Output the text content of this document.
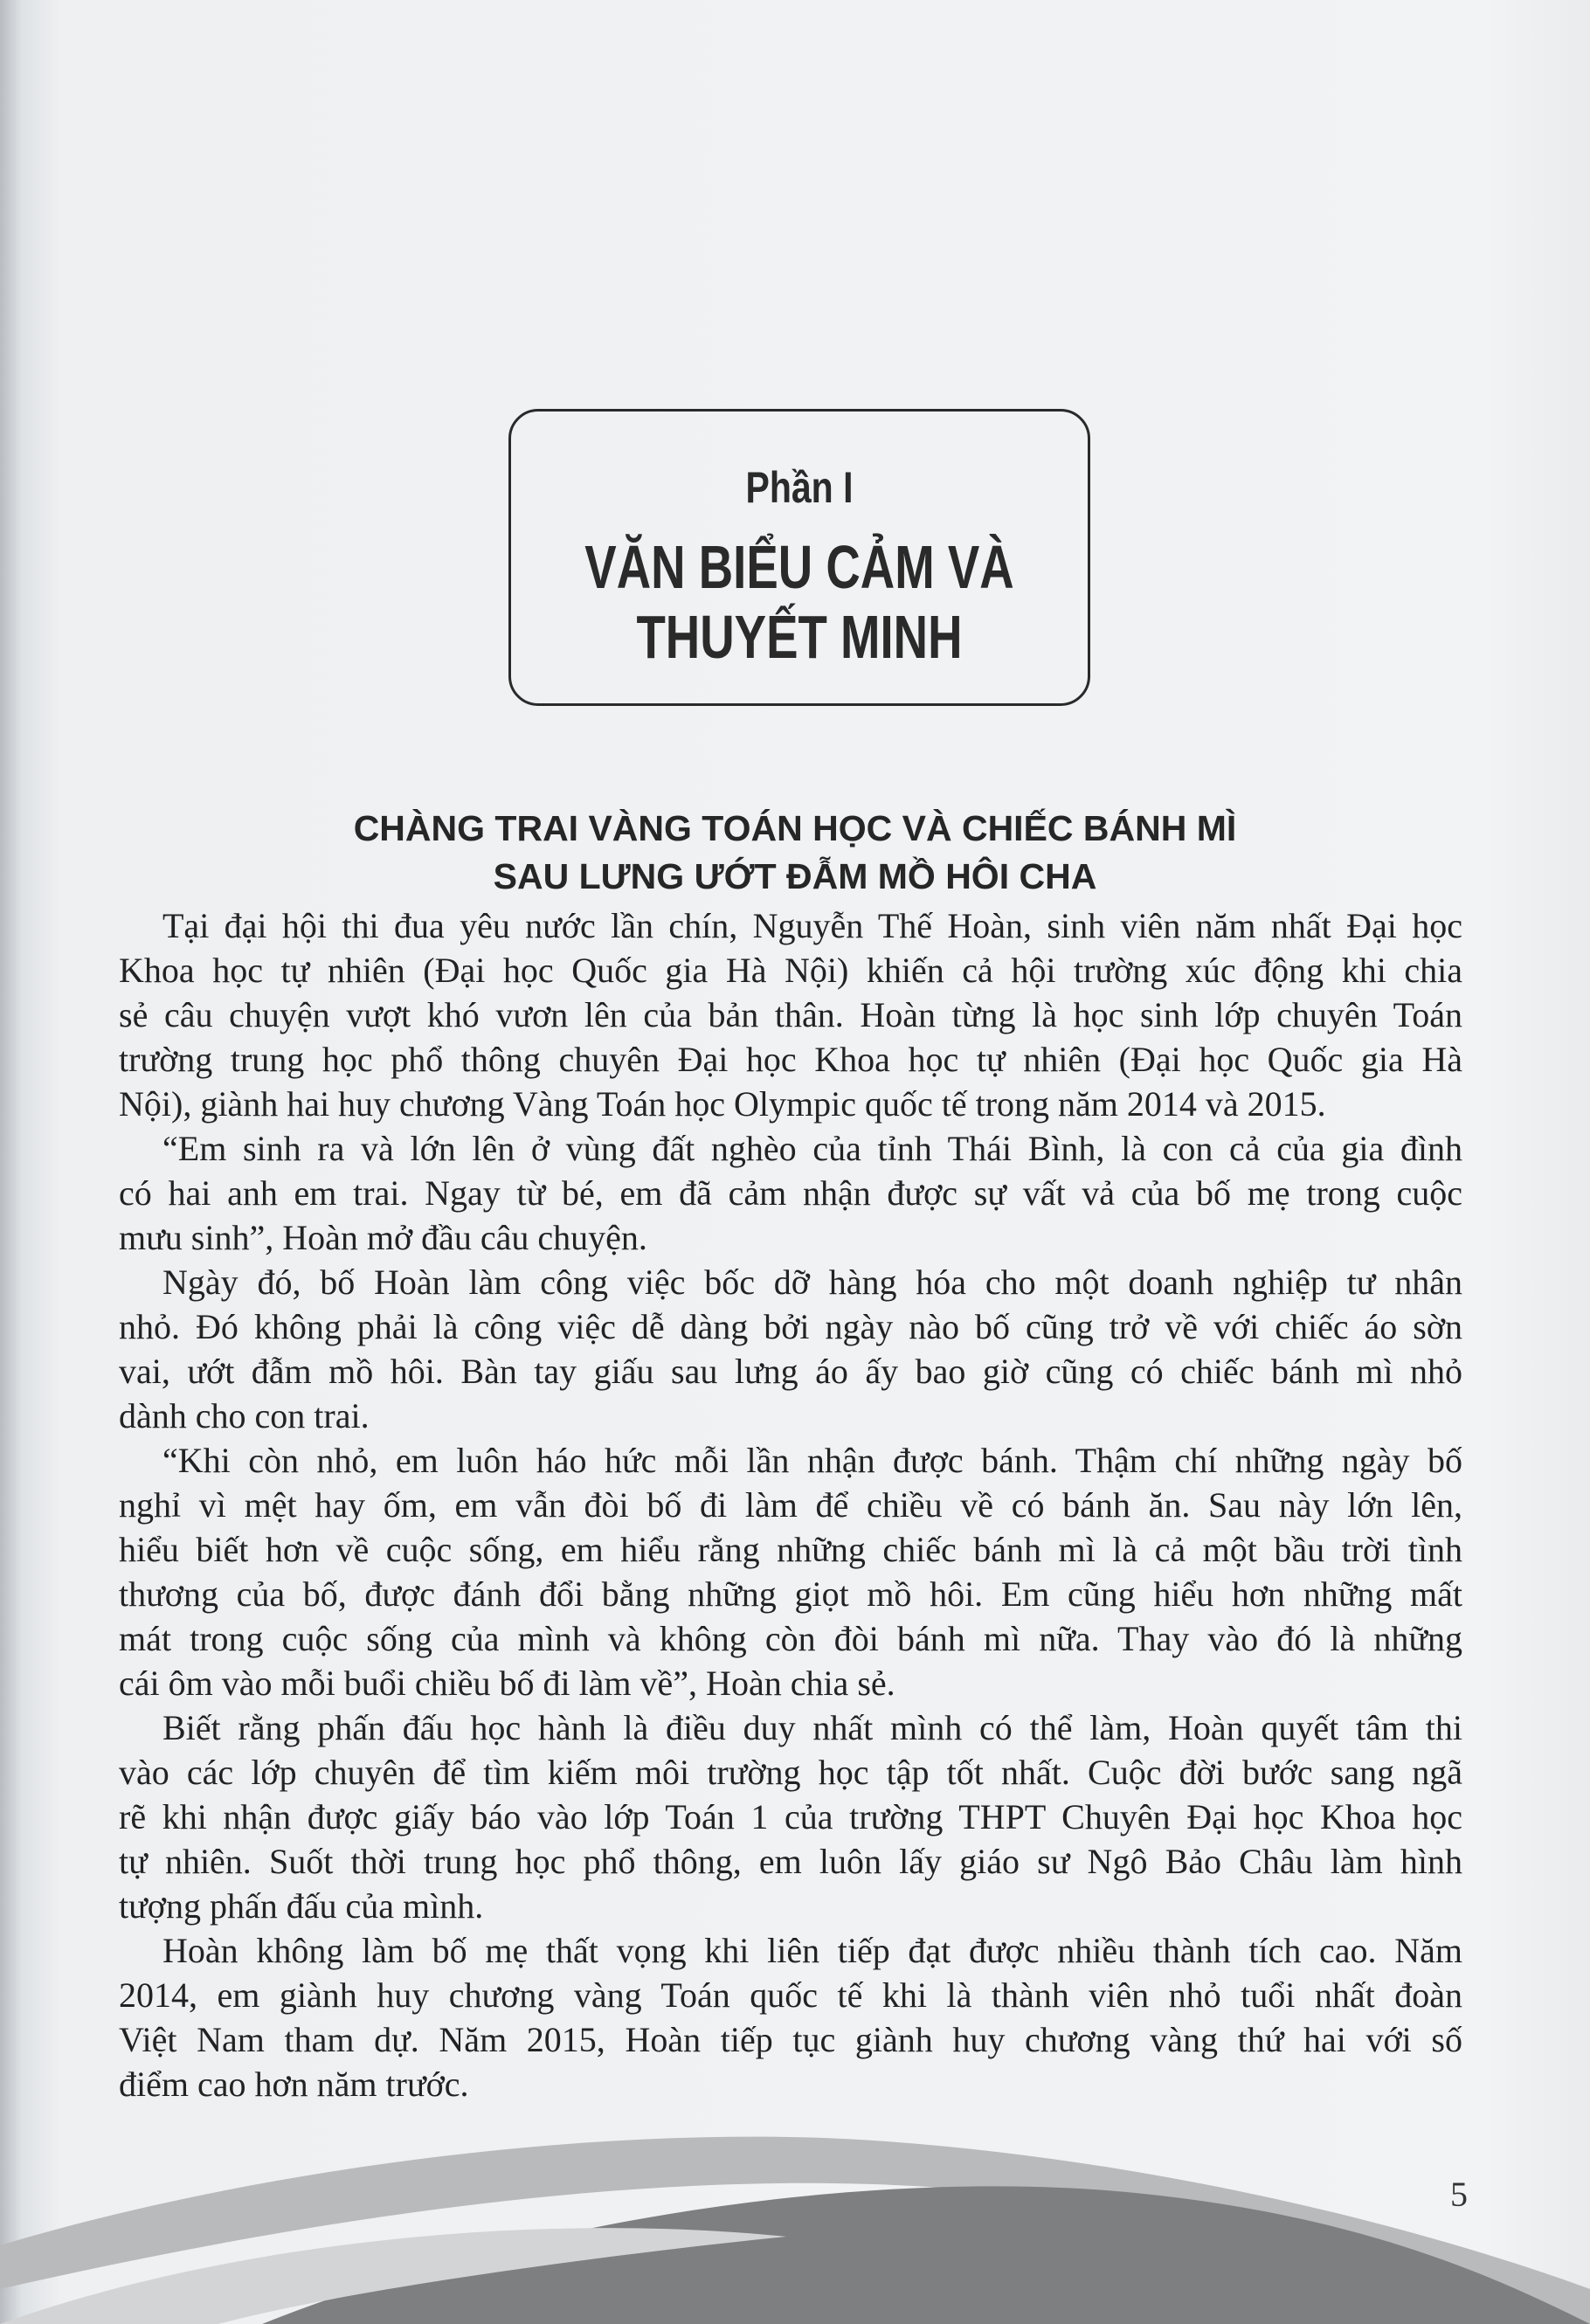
Phần I
VĂN BIỂU CẢM VÀ
THUYẾT MINH
CHÀNG TRAI VÀNG TOÁN HỌC VÀ CHIẾC BÁNH MÌ
SAU LƯNG ƯỚT ĐẪM MỒ HÔI CHA
Tại đại hội thi đua yêu nước lần chín, Nguyễn Thế Hoàn, sinh viên năm nhất Đại học
Khoa học tự nhiên (Đại học Quốc gia Hà Nội) khiến cả hội trường xúc động khi chia
sẻ câu chuyện vượt khó vươn lên của bản thân. Hoàn từng là học sinh lớp chuyên Toán
trường trung học phổ thông chuyên Đại học Khoa học tự nhiên (Đại học Quốc gia Hà
Nội), giành hai huy chương Vàng Toán học Olympic quốc tế trong năm 2014 và 2015.
“Em sinh ra và lớn lên ở vùng đất nghèo của tỉnh Thái Bình, là con cả của gia đình
có hai anh em trai. Ngay từ bé, em đã cảm nhận được sự vất vả của bố mẹ trong cuộc
mưu sinh”, Hoàn mở đầu câu chuyện.
Ngày đó, bố Hoàn làm công việc bốc dỡ hàng hóa cho một doanh nghiệp tư nhân
nhỏ. Đó không phải là công việc dễ dàng bởi ngày nào bố cũng trở về với chiếc áo sờn
vai, ướt đẫm mồ hôi. Bàn tay giấu sau lưng áo ấy bao giờ cũng có chiếc bánh mì nhỏ
dành cho con trai.
“Khi còn nhỏ, em luôn háo hức mỗi lần nhận được bánh. Thậm chí những ngày bố
nghỉ vì mệt hay ốm, em vẫn đòi bố đi làm để chiều về có bánh ăn. Sau này lớn lên,
hiểu biết hơn về cuộc sống, em hiểu rằng những chiếc bánh mì là cả một bầu trời tình
thương của bố, được đánh đổi bằng những giọt mồ hôi. Em cũng hiểu hơn những mất
mát trong cuộc sống của mình và không còn đòi bánh mì nữa. Thay vào đó là những
cái ôm vào mỗi buổi chiều bố đi làm về”, Hoàn chia sẻ.
Biết rằng phấn đấu học hành là điều duy nhất mình có thể làm, Hoàn quyết tâm thi
vào các lớp chuyên để tìm kiếm môi trường học tập tốt nhất. Cuộc đời bước sang ngã
rẽ khi nhận được giấy báo vào lớp Toán 1 của trường THPT Chuyên Đại học Khoa học
tự nhiên. Suốt thời trung học phổ thông, em luôn lấy giáo sư Ngô Bảo Châu làm hình
tượng phấn đấu của mình.
Hoàn không làm bố mẹ thất vọng khi liên tiếp đạt được nhiều thành tích cao. Năm
2014, em giành huy chương vàng Toán quốc tế khi là thành viên nhỏ tuổi nhất đoàn
Việt Nam tham dự. Năm 2015, Hoàn tiếp tục giành huy chương vàng thứ hai với số
điểm cao hơn năm trước.
5
